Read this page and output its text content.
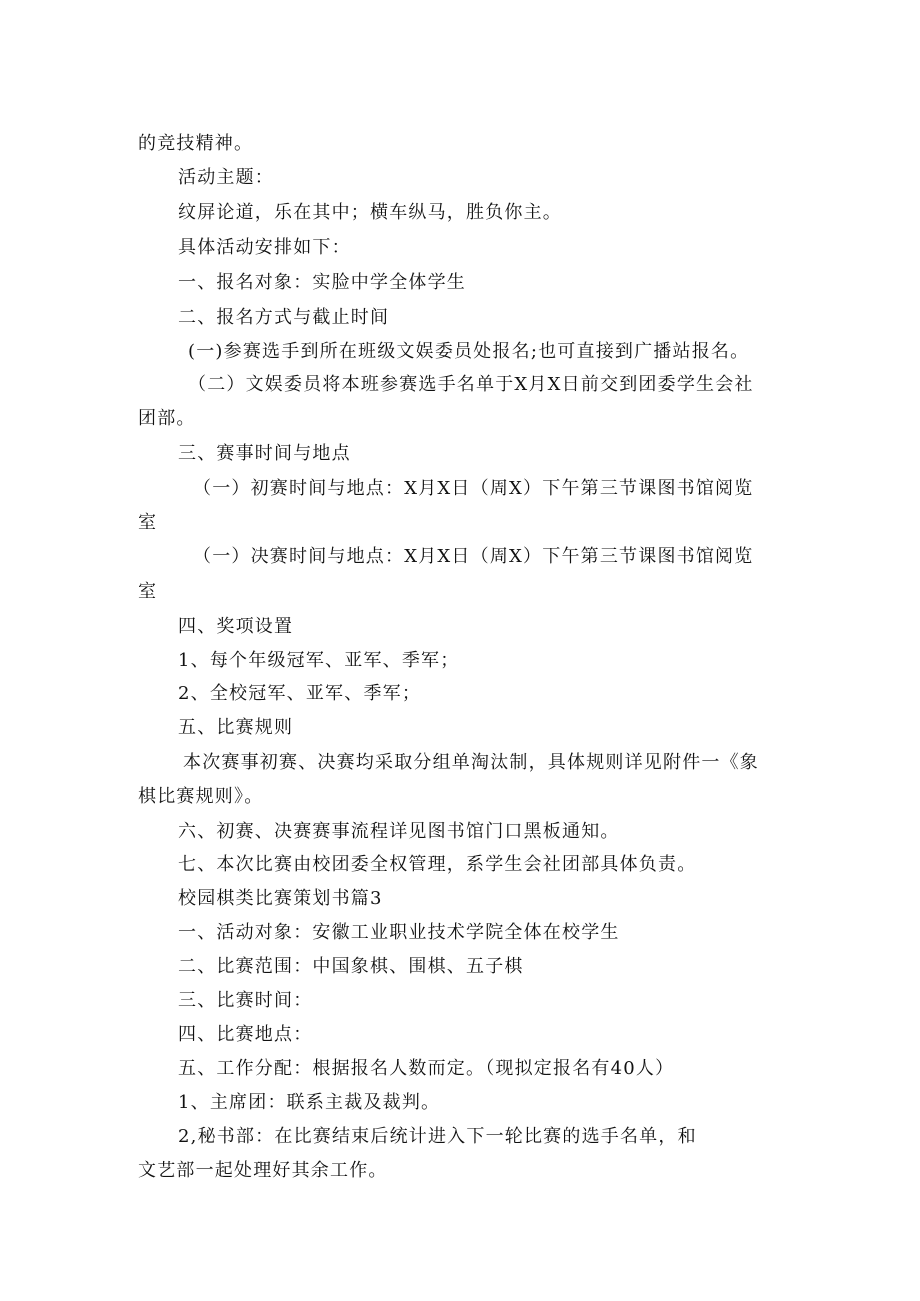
的竞技精神。

活动主题：

纹屏论道，乐在其中；横车纵马，胜负你主。

具体活动安排如下：

一、报名对象：实脸中学全体学生

二、报名方式与截止时间

(一)参赛选手到所在班级文娱委员处报名;也可直接到广播站报名。

（二）文娱委员将本班参赛选手名单于X月X日前交到团委学生会社

团部。

三、赛事时间与地点

（一）初赛时间与地点：X月X日（周X）下午第三节课图书馆阅览

室

（一）决赛时间与地点：X月X日（周X）下午第三节课图书馆阅览

室

四、奖项设置

1、每个年级冠军、亚军、季军；

2、全校冠军、亚军、季军；

五、比赛规则

本次赛事初赛、决赛均采取分组单淘汰制，具体规则详见附件一《象

棋比赛规则》。

六、初赛、决赛赛事流程详见图书馆门口黑板通知。

七、本次比赛由校团委全权管理，系学生会社团部具体负责。

校园棋类比赛策划书篇3

一、活动对象：安徽工业职业技术学院全体在校学生

二、比赛范围：中国象棋、围棋、五子棋

三、比赛时间：

四、比赛地点：

五、工作分配：根据报名人数而定。（现拟定报名有40人）

1、主席团：联系主裁及裁判。

2,秘书部：在比赛结束后统计进入下一轮比赛的选手名单，和

文艺部一起处理好其余工作。
